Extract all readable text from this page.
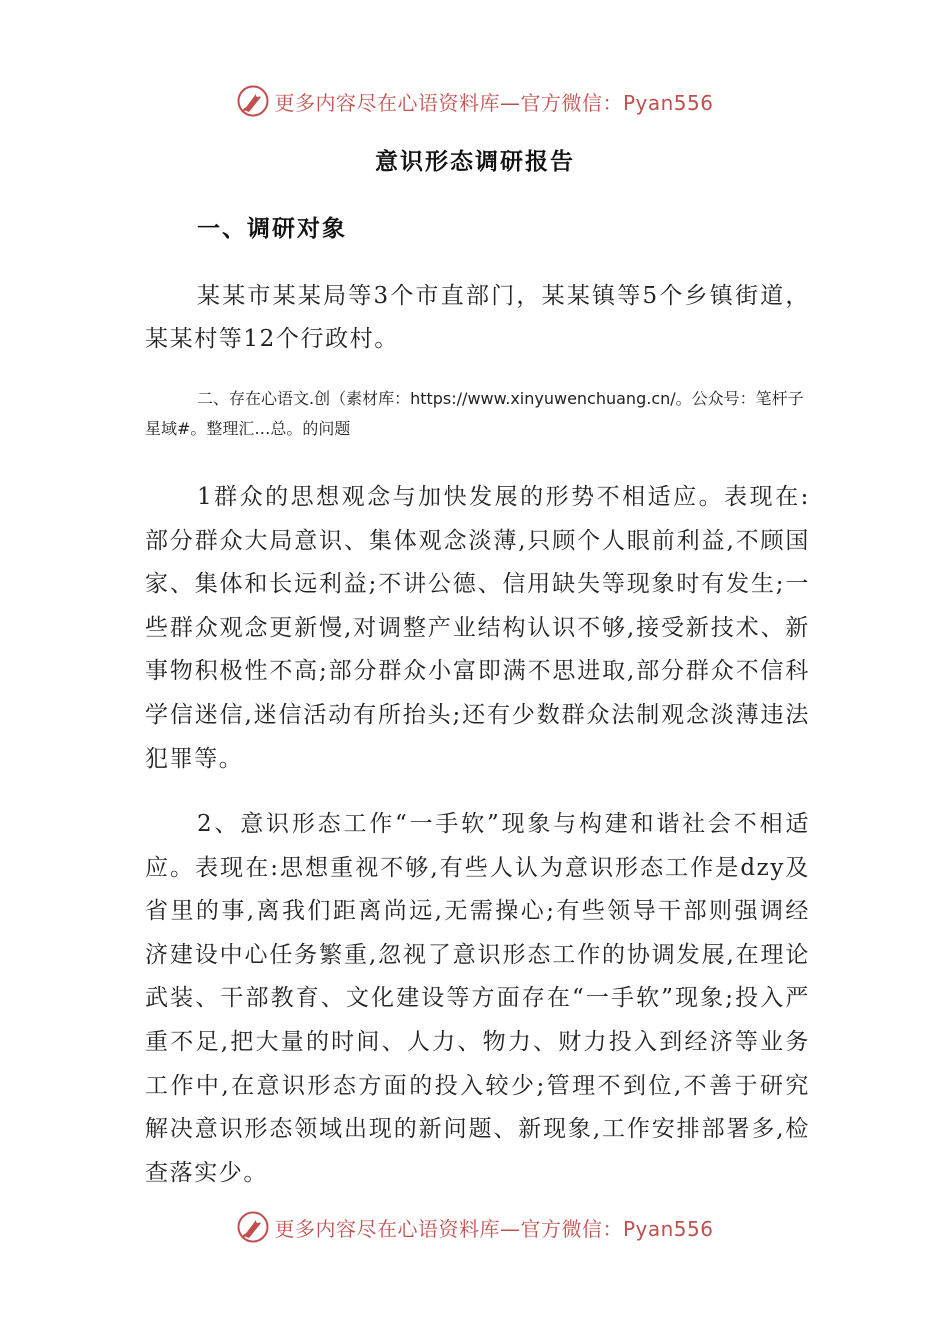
更多内容尽在心语资料库—官方微信：Pyan556
意识形态调研报告
一、调研对象

某某市某某局等3个市直部门，某某镇等5个乡镇街道，某某村等12个行政村。

二、存在心语文.创（素材库：https://www.xinyuwenchuang.cn/。公众号：笔杆子星域#。整理汇…总。的问题

1群众的思想观念与加快发展的形势不相适应。表现在:部分群众大局意识、集体观念淡薄,只顾个人眼前利益,不顾国家、集体和长远利益;不讲公德、信用缺失等现象时有发生;一些群众观念更新慢,对调整产业结构认识不够,接受新技术、新事物积极性不高;部分群众小富即满不思进取,部分群众不信科学信迷信,迷信活动有所抬头;还有少数群众法制观念淡薄违法犯罪等。

2、意识形态工作“一手软”现象与构建和谐社会不相适应。表现在:思想重视不够,有些人认为意识形态工作是dzy及省里的事,离我们距离尚远,无需操心;有些领导干部则强调经济建设中心任务繁重,忽视了意识形态工作的协调发展,在理论武装、干部教育、文化建设等方面存在“一手软”现象;投入严重不足,把大量的时间、人力、物力、财力投入到经济等业务工作中,在意识形态方面的投入较少;管理不到位,不善于研究解决意识形态领域出现的新问题、新现象,工作安排部署多,检查落实少。

更多内容尽在心语资料库—官方微信：Pyan556
